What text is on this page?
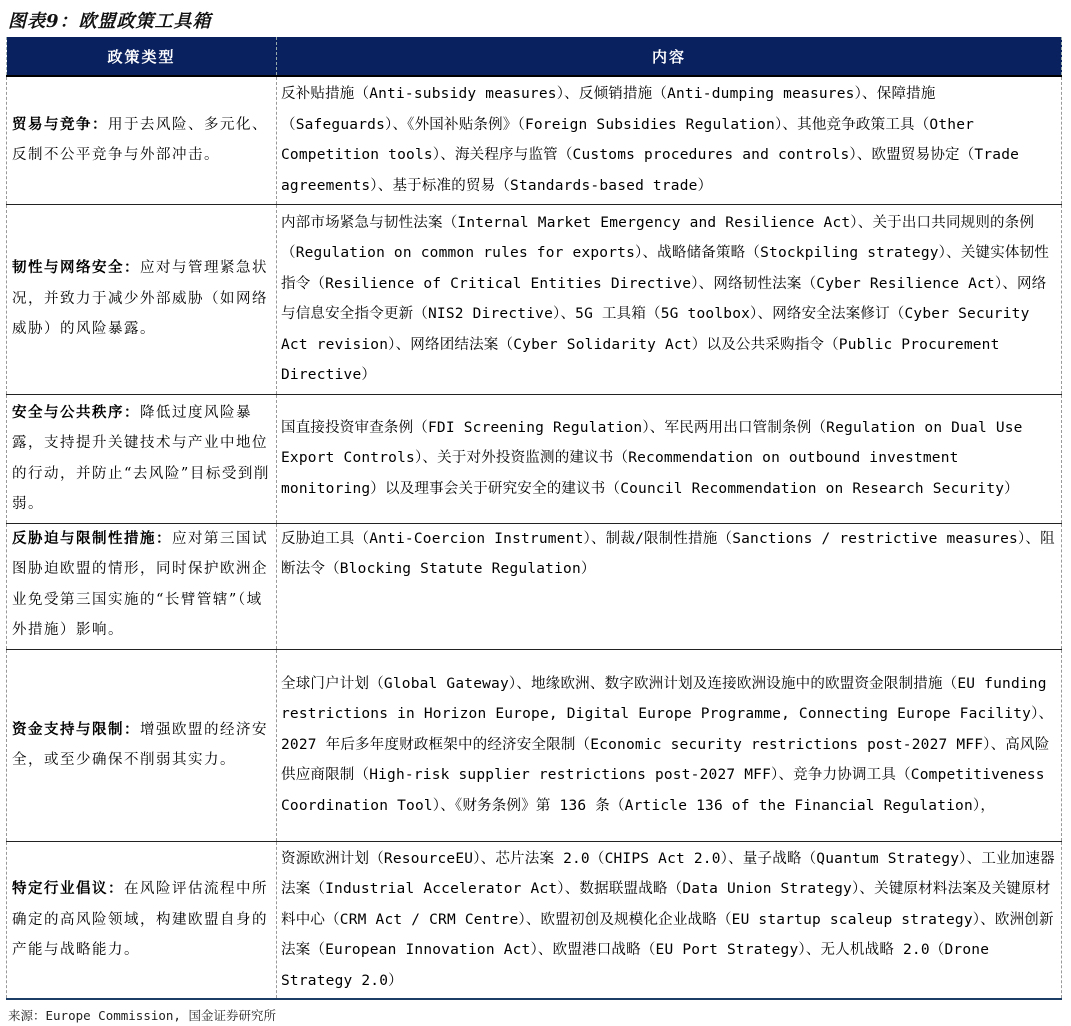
图表9：欧盟政策工具箱
政策类型	内容
贸易与竞争：用于去风险、多元化、反制不公平竞争与外部冲击。	反补贴措施（Anti-subsidy measures）、反倾销措施（Anti-dumping measures）、保障措施（Safeguards）、《外国补贴条例》（Foreign Subsidies Regulation）、其他竞争政策工具（Other Competition tools）、海关程序与监管（Customs procedures and controls）、欧盟贸易协定（Trade agreements）、基于标准的贸易（Standards-based trade）
韧性与网络安全：应对与管理紧急状况，并致力于减少外部威胁（如网络威胁）的风险暴露。	内部市场紧急与韧性法案（Internal Market Emergency and Resilience Act）、关于出口共同规则的条例（Regulation on common rules for exports）、战略储备策略（Stockpiling strategy）、关键实体韧性指令（Resilience of Critical Entities Directive）、网络韧性法案（Cyber Resilience Act）、网络与信息安全指令更新（NIS2 Directive）、5G 工具箱（5G toolbox）、网络安全法案修订（Cyber Security Act revision）、网络团结法案（Cyber Solidarity Act）以及公共采购指令（Public Procurement Directive）
安全与公共秩序：降低过度风险暴露，支持提升关键技术与产业中地位的行动，并防止“去风险”目标受到削弱。	国直接投资审查条例（FDI Screening Regulation）、军民两用出口管制条例（Regulation on Dual Use Export Controls）、关于对外投资监测的建议书（Recommendation on outbound investment monitoring）以及理事会关于研究安全的建议书（Council Recommendation on Research Security）
反胁迫与限制性措施：应对第三国试图胁迫欧盟的情形，同时保护欧洲企业免受第三国实施的“长臂管辖”（域外措施）影响。	反胁迫工具（Anti-Coercion Instrument）、制裁/限制性措施（Sanctions / restrictive measures）、阻断法令（Blocking Statute Regulation）
资金支持与限制：增强欧盟的经济安全，或至少确保不削弱其实力。	全球门户计划（Global Gateway）、地缘欧洲、数字欧洲计划及连接欧洲设施中的欧盟资金限制措施（EU funding restrictions in Horizon Europe, Digital Europe Programme, Connecting Europe Facility）、2027 年后多年度财政框架中的经济安全限制（Economic security restrictions post-2027 MFF）、高风险供应商限制（High-risk supplier restrictions post-2027 MFF）、竞争力协调工具（Competitiveness Coordination Tool）、《财务条例》第 136 条（Article 136 of the Financial Regulation），
特定行业倡议：在风险评估流程中所确定的高风险领域，构建欧盟自身的产能与战略能力。	资源欧洲计划（ResourceEU）、芯片法案 2.0（CHIPS Act 2.0）、量子战略（Quantum Strategy）、工业加速器法案（Industrial Accelerator Act）、数据联盟战略（Data Union Strategy）、关键原材料法案及关键原材料中心（CRM Act / CRM Centre）、欧盟初创及规模化企业战略（EU startup scaleup strategy）、欧洲创新法案（European Innovation Act）、欧盟港口战略（EU Port Strategy）、无人机战略 2.0（Drone Strategy 2.0）
来源：Europe Commission, 国金证券研究所
